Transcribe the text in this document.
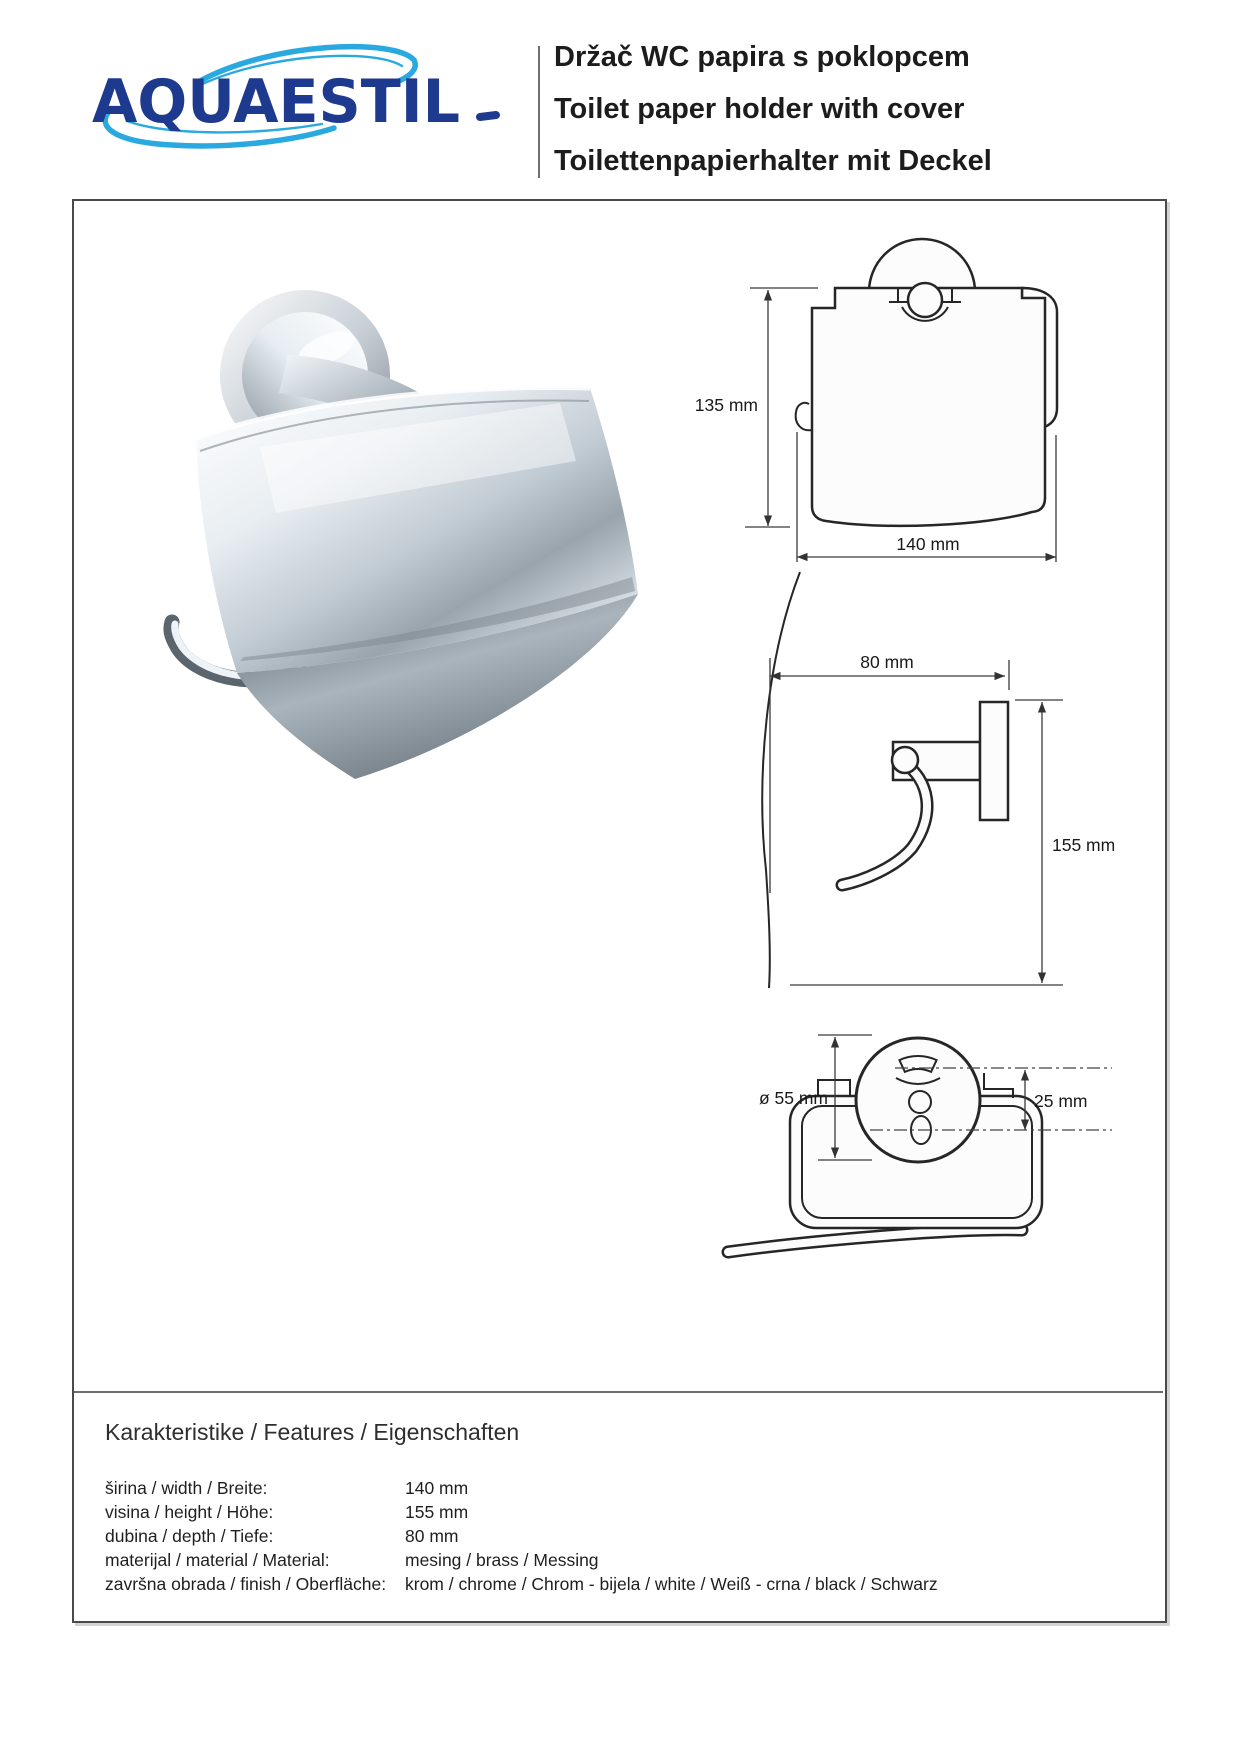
AQUAESTIL

Držač WC papira s poklopcem

Toilet paper holder with cover

Toilettenpapierhalter mit Deckel

135 mm
140 mm
80 mm
155 mm
ø 55 mm	25 mm
Karakteristike / Features / Eigenschaften
širina / width / Breite:	140 mm
visina / height / Höhe:	155 mm
dubina / depth / Tiefe:	80 mm
materijal / material / Material:	mesing / brass / Messing
završna obrada / finish / Oberfläche: krom / chrome / Chrom - bijela / white / Weiß - crna / black / Schwarz
